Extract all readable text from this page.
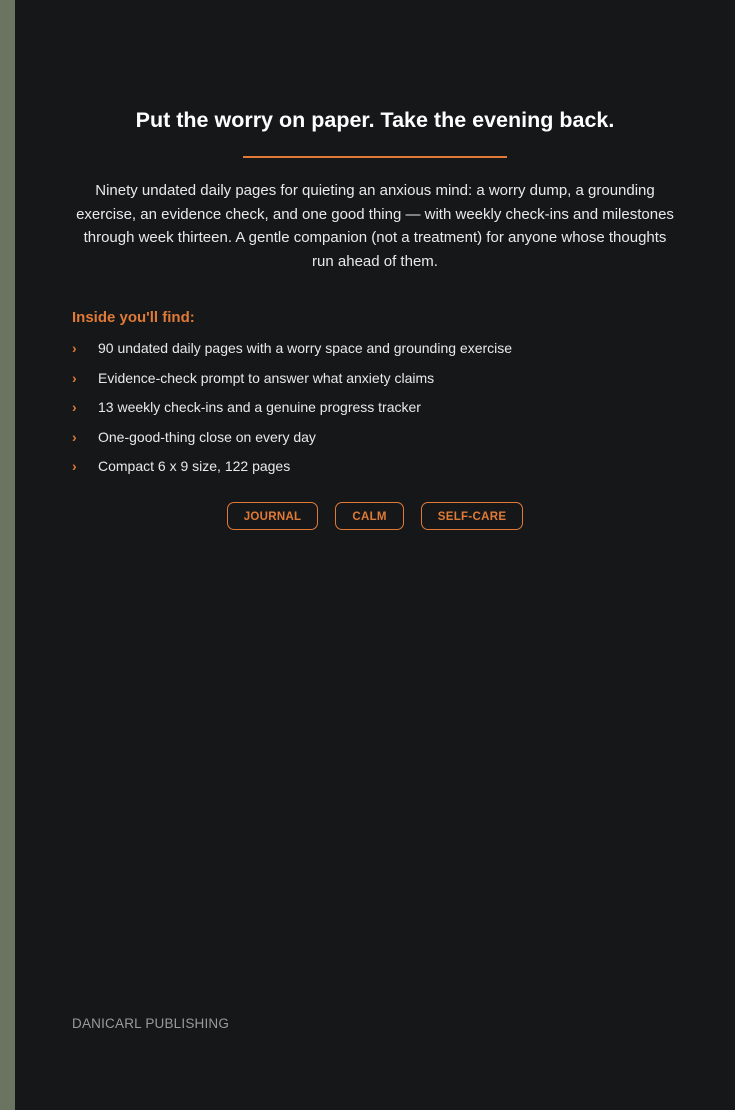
Put the worry on paper. Take the evening back.

Ninety undated daily pages for quieting an anxious mind: a worry dump, a grounding exercise, an evidence check, and one good thing — with weekly check-ins and milestones through week thirteen. A gentle companion (not a treatment) for anyone whose thoughts run ahead of them.

Inside you'll find:
› 90 undated daily pages with a worry space and grounding exercise
› Evidence-check prompt to answer what anxiety claims
› 13 weekly check-ins and a genuine progress tracker
› One-good-thing close on every day
› Compact 6 x 9 size, 122 pages
JOURNAL	CALM	SELF-CARE

DANICARL PUBLISHING
